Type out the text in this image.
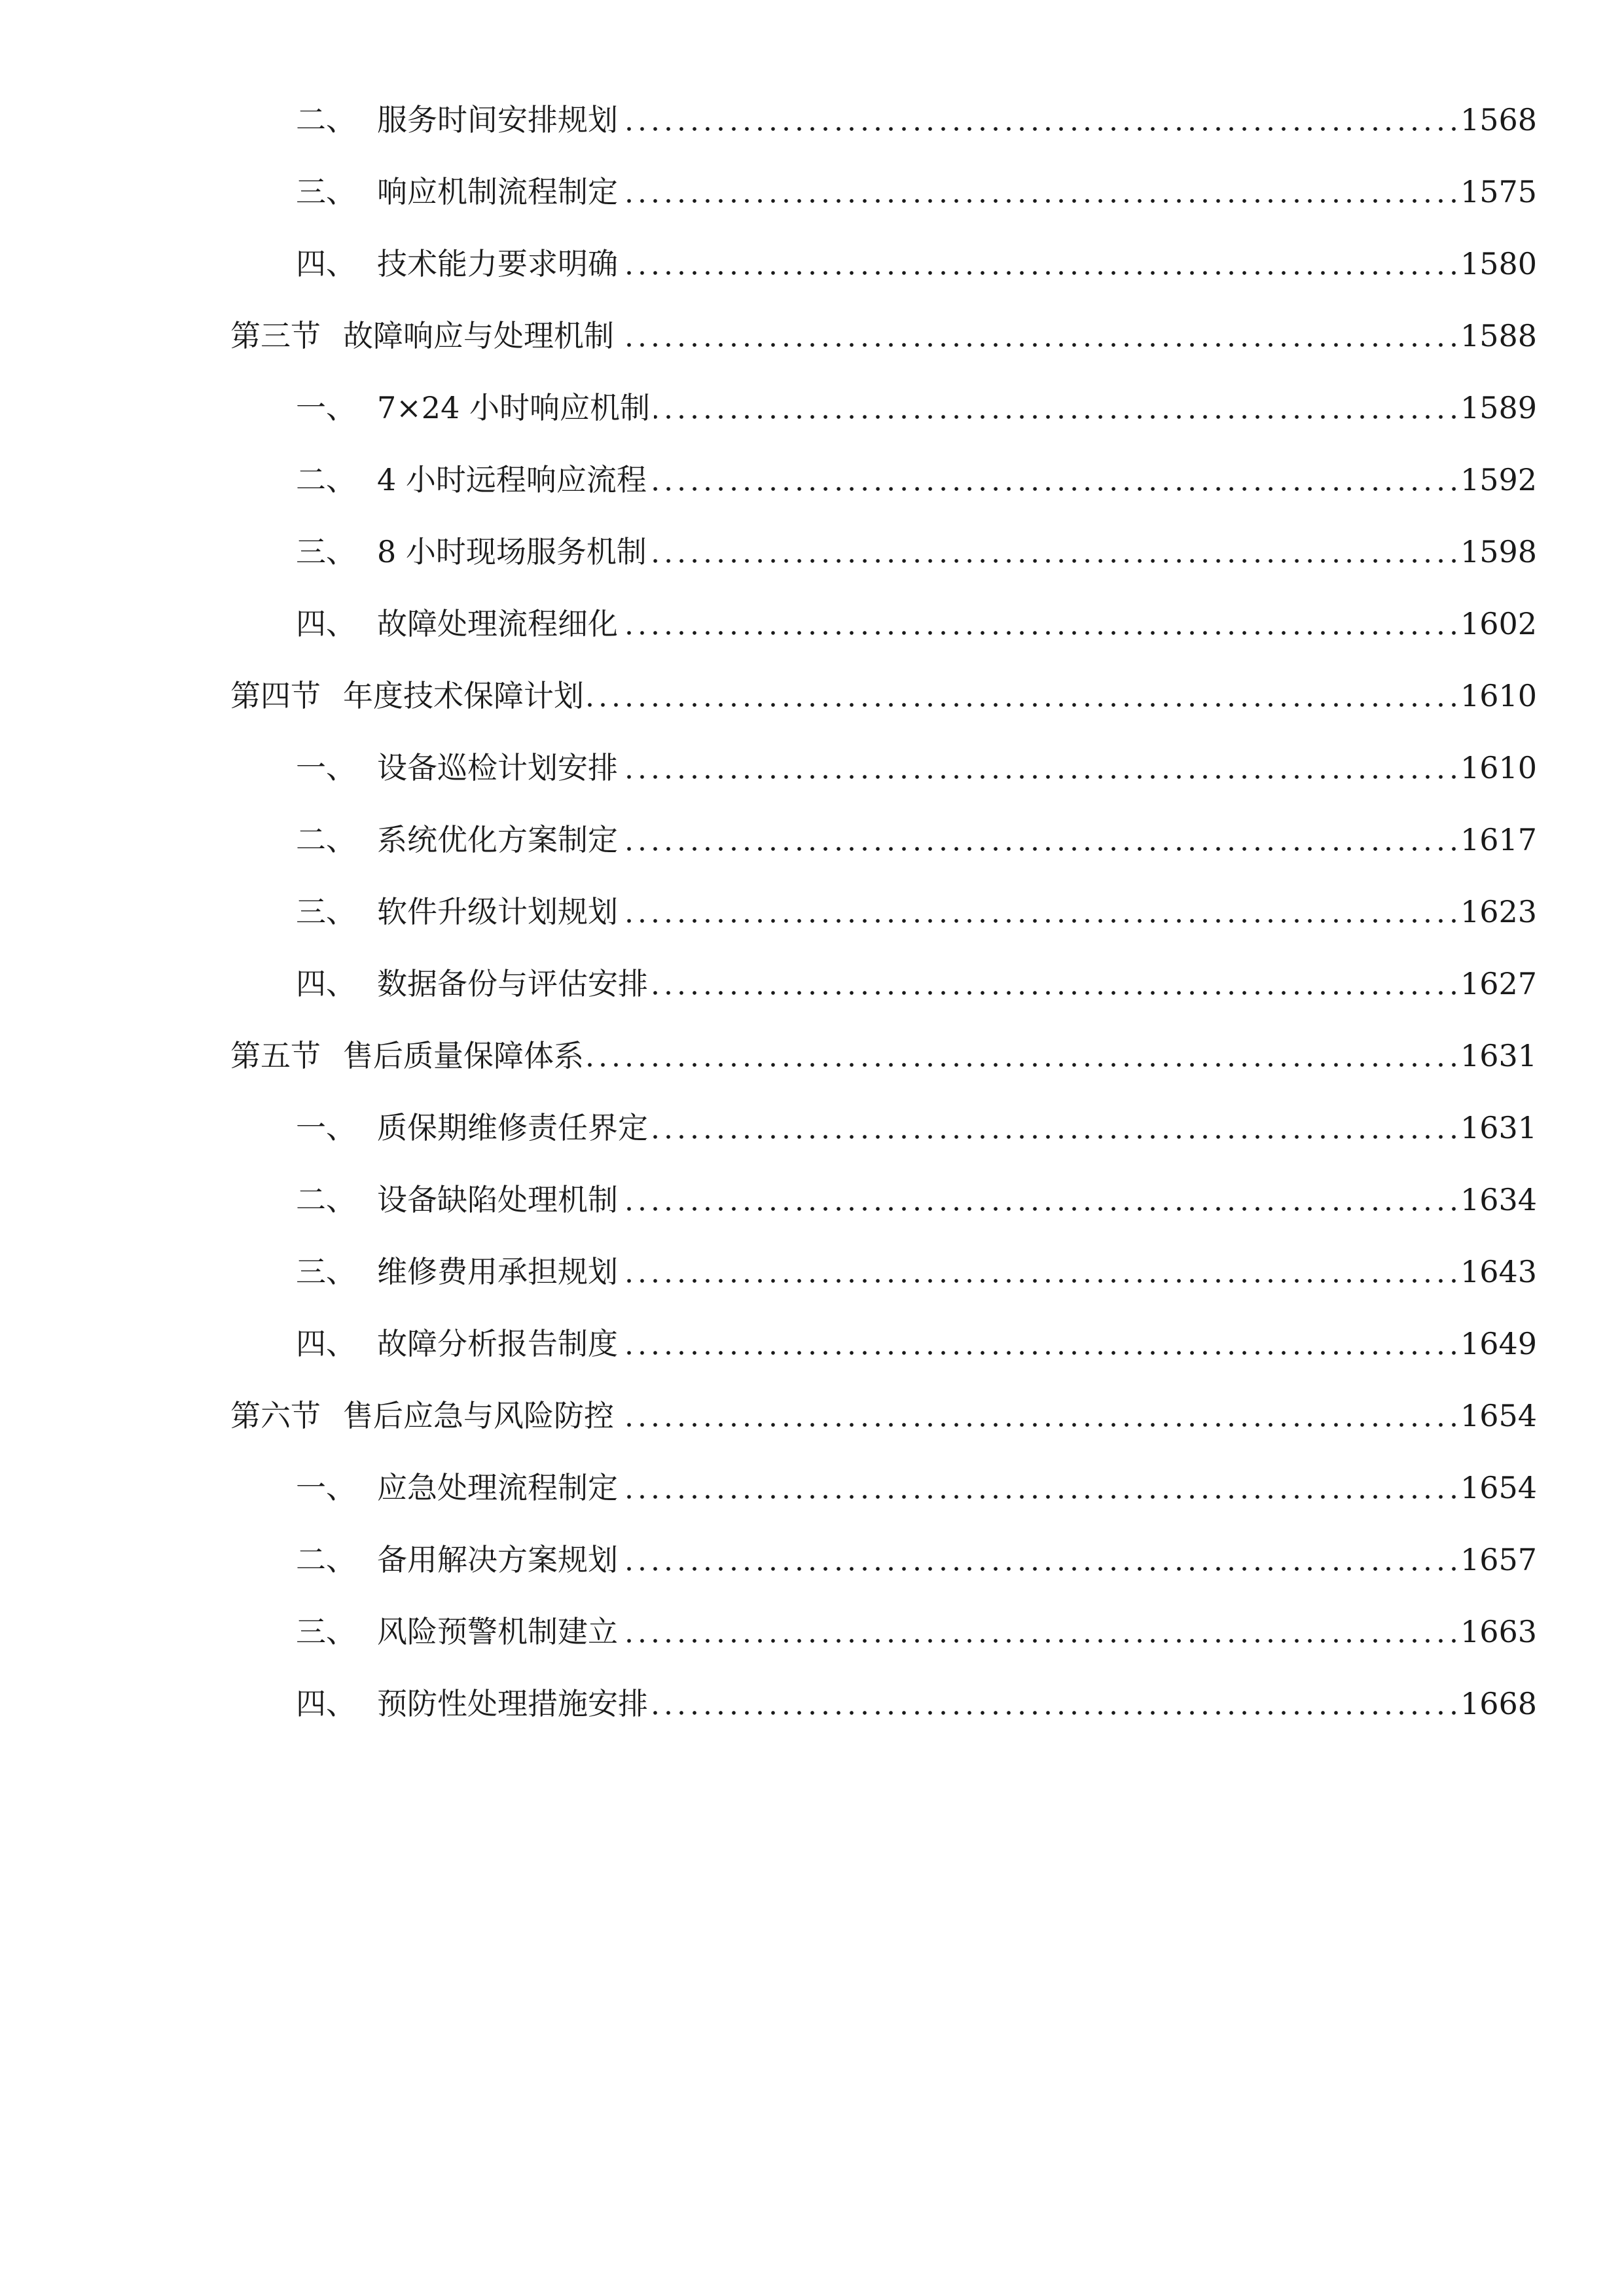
二、 服务时间安排规划	1568
三、 响应机制流程制定	1575
四、 技术能力要求明确	1580
第三节 故障响应与处理机制	1588
一、 7×24 小时响应机制	1589
二、 4 小时远程响应流程	1592
三、 8 小时现场服务机制	1598
四、 故障处理流程细化	1602
第四节 年度技术保障计划	1610
一、 设备巡检计划安排	1610
二、 系统优化方案制定	1617
三、 软件升级计划规划	1623
四、 数据备份与评估安排	1627
第五节 售后质量保障体系	1631
一、 质保期维修责任界定	1631
二、 设备缺陷处理机制	1634
三、 维修费用承担规划	1643
四、 故障分析报告制度	1649
第六节 售后应急与风险防控	1654
一、 应急处理流程制定	1654
二、 备用解决方案规划	1657
三、 风险预警机制建立	1663
四、 预防性处理措施安排	1668
